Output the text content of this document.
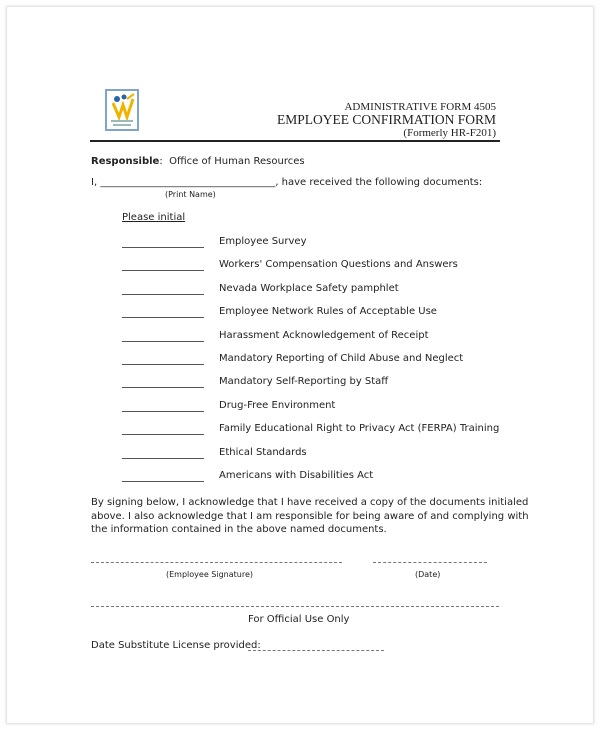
ADMINISTRATIVE FORM 4505
EMPLOYEE CONFIRMATION FORM
(Formerly HR-F201)
Responsible:  Office of Human Resources
I, ___________________________________, have received the following documents:
(Print Name)
Please initial
Employee Survey
Workers' Compensation Questions and Answers
Nevada Workplace Safety pamphlet
Employee Network Rules of Acceptable Use
Harassment Acknowledgement of Receipt
Mandatory Reporting of Child Abuse and Neglect
Mandatory Self-Reporting by Staff
Drug-Free Environment
Family Educational Right to Privacy Act (FERPA) Training
Ethical Standards
Americans with Disabilities Act
By signing below, I acknowledge that I have received a copy of the documents initialed
above. I also acknowledge that I am responsible for being aware of and complying with
the information contained in the above named documents.
(Employee Signature)	(Date)
For Official Use Only
Date Substitute License provided:
